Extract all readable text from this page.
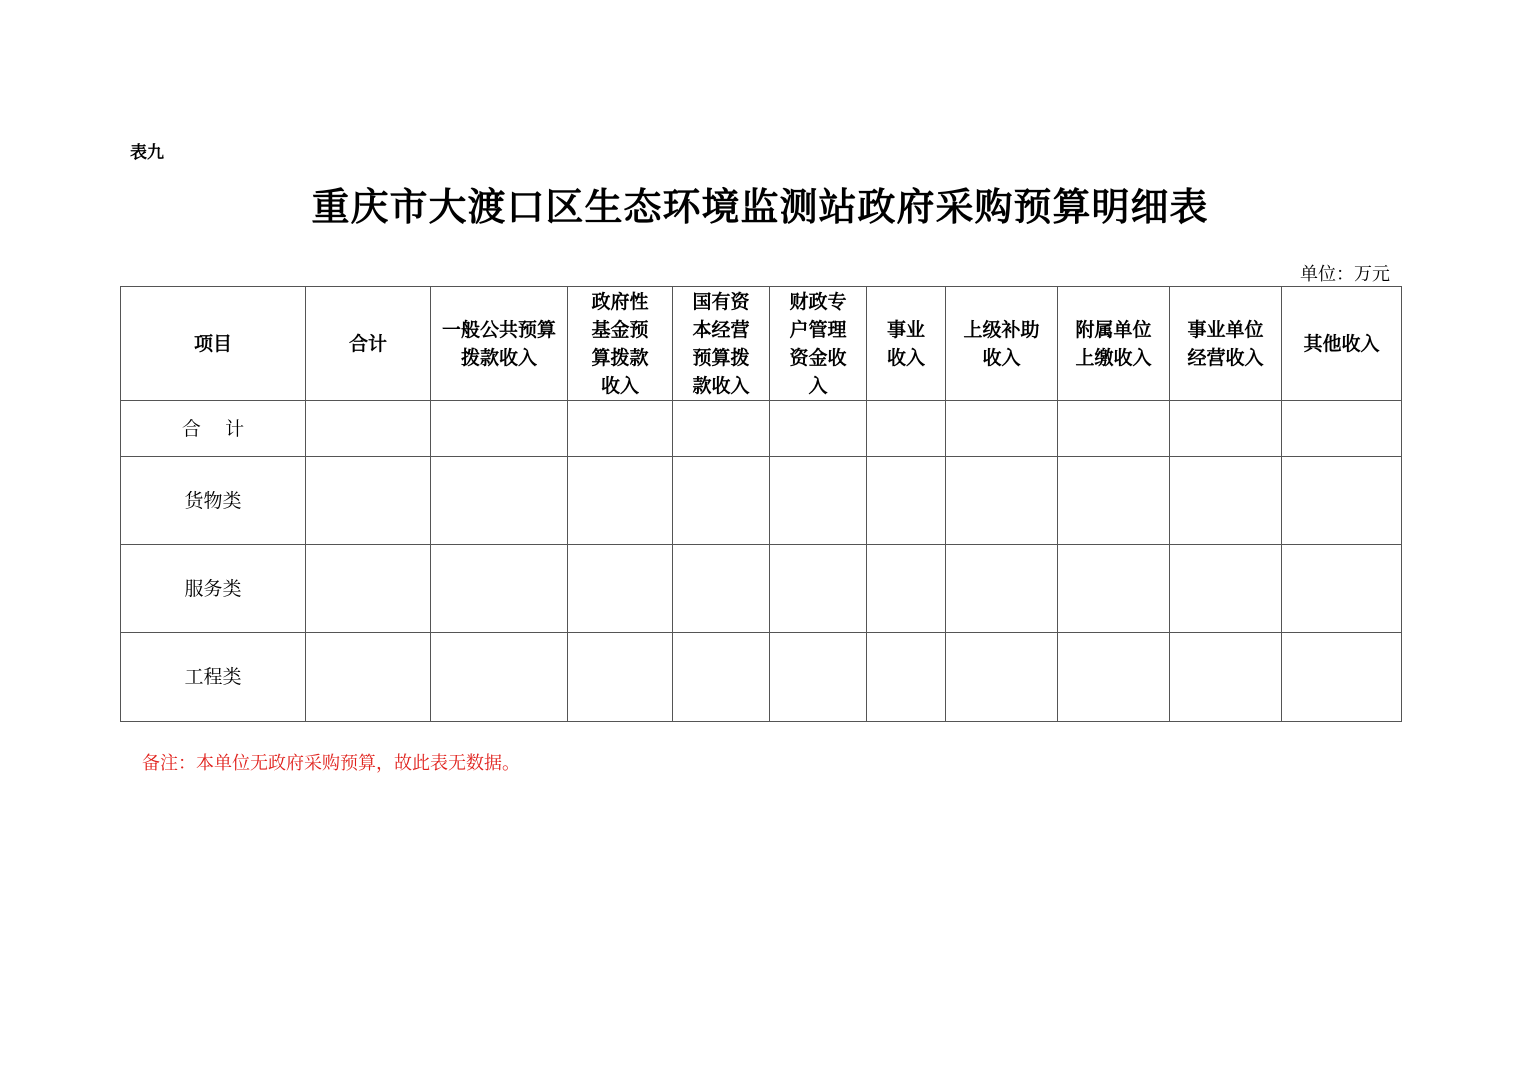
表九
重庆市大渡口区生态环境监测站政府采购预算明细表
单位：万元
项目	合计	一般公共预算拨款收入	政府性基金预算拨款收入	国有资本经营预算拨款收入	财政专户管理资金收入	事业收入	上级补助收入	附属单位上缴收入	事业单位经营收入	其他收入

合    计										
货物类										
服务类										
工程类										
备注：本单位无政府采购预算，故此表无数据。
